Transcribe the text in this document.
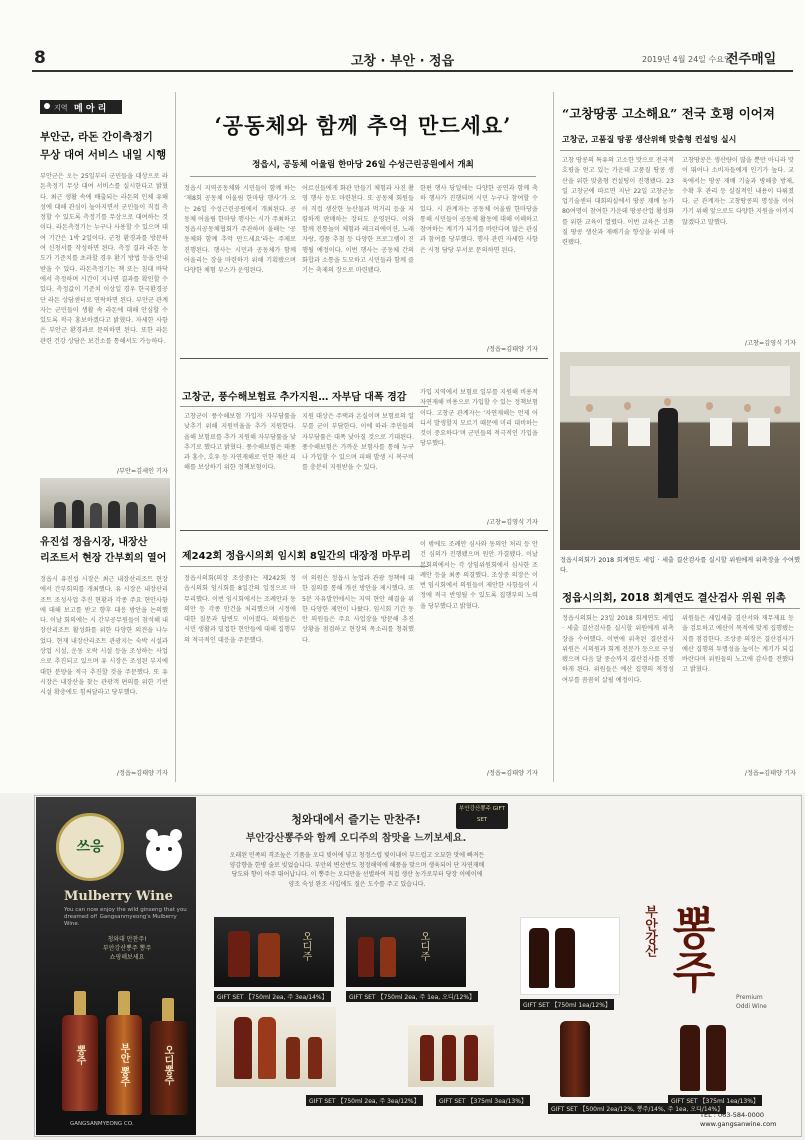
8	고창 · 부안 · 정읍	2019년 4월 24일 수요일
전주매일
지역 메 아 리
부안군, 라돈 간이측정기
무상 대여 서비스 내일 시행
부안군은 오는 25일부터 군민들을 대상으로 라돈측정기 무상 대여 서비스를 실시한다고 밝혔다. 최근 생활 속에 배출되는 라돈의 인체 유해성에 대해 관심이 높아지면서 군민들이 직접 측정할 수 있도록 측정기를 무상으로 대여하는 것이다. 라돈측정기는 누구나 사용할 수 있으며 대여 기간은 1박 2일이다. 군청 환경과를 방문하여 신청서를 작성하면 된다. 측정 결과 라돈 농도가 기준치를 초과할 경우 환기 방법 등을 안내받을 수 있다. 라돈측정기는 책 또는 침대 바닥에서 측정하며 시간이 지나면 결과를 확인할 수 있다. 측정값이 기준치 이상일 경우 한국환경공단 라돈 상담센터로 연락하면 된다. 부안군 관계자는 군민들이 생활 속 라돈에 대해 안심할 수 있도록 적극 홍보하겠다고 밝혔다. 자세한 사항은 부안군 환경과로 문의하면 된다. 또한 라돈 관련 건강 상담은 보건소를 통해서도 가능하다.
/부안=김세인 기자
유진섭 정읍시장, 내장산
리조트서 현장 간부회의 열어
정읍시 유진섭 시장은 최근 내장산리조트 현장에서 간부회의를 개최했다. 유 시장은 내장산리조트 조성사업 추진 현황과 각종 주요 현안사항에 대해 보고를 받고 향후 대응 방안을 논의했다. 이날 회의에는 시 간부공무원들이 참석해 내장산리조트 활성화를 위한 다양한 의견을 나누었다. 현재 내장산리조트 관광지는 숙박 시설과 상업 시설, 운동 오락 시설 등을 조성하는 사업으로 추진되고 있으며 유 시장은 조성된 부지에 대한 분양을 적극 추진할 것을 주문했다. 또 유 시장은 내장산을 찾는 관광객 편의를 위한 기반시설 확충에도 힘써달라고 당부했다.
/정읍=김태양 기자
‘공동체와 함께 추억 만드세요’
정읍시, 공동체 어울림 한마당 26일 수성근린공원에서 개최
정읍시 지역공동체와 시민들이 함께 하는 ‘제8회 공동체 어울림 한마당 행사’가 오는 26일 수성근린공원에서 개최된다. 공동체 어울림 한마당 행사는 시가 주최하고 정읍시공동체협회가 주관하며 올해는 ‘공동체와 함께 추억 만드세요’라는 주제로 진행된다. 행사는 시민과 공동체가 함께 어울리는 장을 마련하기 위해 기획됐으며 다양한 체험 부스가 운영된다.
어르신들에게 화관 만들기 체험과 사진 촬영 행사 등도 마련된다. 또 공동체 회원들이 직접 생산한 농산물과 먹거리 등을 저렴하게 판매하는 장터도 운영된다. 이와 함께 전통놀이 체험과 레크리에이션, 노래자랑, 경품 추첨 등 다양한 프로그램이 진행될 예정이다. 이번 행사는 공동체 간의 화합과 소통을 도모하고 시민들과 함께 즐기는 축제의 장으로 마련됐다.
한편 행사 당일에는 다양한 공연과 함께 축하 행사가 진행되며 시민 누구나 참여할 수 있다. 시 관계자는 공동체 어울림 한마당을 통해 시민들이 공동체 활동에 대해 이해하고 참여하는 계기가 되기를 바란다며 많은 관심과 참여를 당부했다. 행사 관련 자세한 사항은 시청 담당 부서로 문의하면 된다.
/정읍=김태양 기자
고창군, 풍수해보험료 추가지원… 자부담 대폭 경감
고창군이 풍수해보험 가입자 자부담률을 낮추기 위해 지원비율을 추가 지원한다. 올해 보험료를 추가 지원해 자부담률을 낮추기로 했다고 밝혔다. 풍수해보험은 태풍과 홍수, 호우 등 자연재해로 인한 재산 피해를 보상하기 위한 정책보험이다.
지원 대상은 주택과 온실이며 보험료의 일부를 군이 부담한다. 이에 따라 주민들의 자부담률은 대폭 낮아질 것으로 기대된다. 풍수해보험은 가까운 보험사를 통해 누구나 가입할 수 있으며 피해 발생 시 복구비를 충분히 지원받을 수 있다.
가입 지역에서 보험료 일부를 지원해 비용적 자연재해 비용으로 가입할 수 있는 정책보험이다. 고창군 관계자는 ‘자연재해는 언제 어디서 발생할지 모르기 때문에 미리 대비하는 것이 중요하다’며 군민들의 적극적인 가입을 당부했다.
/고창=김영식 기자
제242회 정읍시의회 임시회 8일간의 대장정 마무리
정읍시의회(의장 조상중)는 제242회 정읍시의회 임시회를 8일간의 일정으로 마무리했다. 이번 임시회에서는 조례안과 동의안 등 각종 안건을 처리했으며 시정에 대한 질문과 답변도 이어졌다. 의원들은 시민 생활과 밀접한 현안들에 대해 집행부의 적극적인 대응을 주문했다.
이 의원은 정읍시 농업과 관광 정책에 대한 질의를 통해 개선 방안을 제시했다. 또 5분 자유발언에서는 지역 현안 해결을 위한 다양한 제언이 나왔다. 임시회 기간 동안 의원들은 주요 사업장을 방문해 추진 상황을 점검하고 현장의 목소리를 청취했다.
이 밖에도 조례안 심사와 동의안 처리 등 안건 심의가 진행됐으며 원안 가결됐다. 이날 본회의에서는 각 상임위원회에서 심사한 조례안 등을 최종 의결했다. 조상중 의장은 이번 임시회에서 의원들이 제안한 사항들이 시정에 적극 반영될 수 있도록 집행부의 노력을 당부했다고 밝혔다.
/정읍=김태양 기자
“고창땅콩 고소해요” 전국 호평 이어져
고창군, 고품질 땅콩 생산위해 맞춤형 컨설팅 실시
고창 땅콩의 특유의 고소한 맛으로 전국적 호평을 얻고 있는 가운데 고품질 땅콩 생산을 위한 맞춤형 컨설팅이 진행됐다. 23일 고창군에 따르면 지난 22일 고창군농업기술센터 대회의실에서 땅콩 재배 농가 80여명이 참여한 가운데 땅콩산업 활성화를 위한 교육이 열렸다. 이번 교육은 고품질 땅콩 생산과 재배기술 향상을 위해 마련됐다.
고창땅콩은 생산량이 많을 뿐만 아니라 맛이 뛰어나 소비자들에게 인기가 높다. 교육에서는 땅콩 재배 기술과 병해충 방제, 수확 후 관리 등 실질적인 내용이 다뤄졌다. 군 관계자는 고창땅콩의 명성을 이어가기 위해 앞으로도 다양한 지원을 아끼지 않겠다고 말했다.
/고창=김영식 기자
정읍시의회가 2018 회계연도 세입 · 세출 결산검사를 실시할 위원에게 위촉장을 수여했다.
정읍시의회, 2018 회계연도 결산검사 위원 위촉
정읍시의회는 23일 2018 회계연도 세입 · 세출 결산검사를 실시할 위원에게 위촉장을 수여했다. 이번에 위촉된 결산검사 위원은 시의원과 회계 전문가 등으로 구성됐으며 다음 달 중순까지 결산검사를 진행하게 된다. 위원들은 예산 집행의 적정성 여부를 꼼꼼히 살필 예정이다.
위원들은 세입세출 결산서와 재무제표 등을 검토하고 예산이 목적에 맞게 집행됐는지를 점검한다. 조상중 의장은 결산검사가 예산 집행의 투명성을 높이는 계기가 되길 바란다며 위원들의 노고에 감사를 전했다고 밝혔다.
/정읍=김태양 기자
쓰응
Mulberry Wine
You can now enjoy the wild ginseng that you dreamed of! Gangsanmyeong's Mulberry Wine.
청와대 만찬주!
부안강산뽕주 뽕주
쇼핑해보세요
뽕주	부안 뽕주	오디뽕주
GANGSANMYEONG CO.
청와대에서 즐기는 만찬주!
부안강산뽕주와 함께 오디주의 참맛을 느끼보세요.
오래된 민족의 격조높은 기품을 오디 빚어에 넣고 청정스럽 빛이내어 부드럽고 오묘한 맛에 빠져든 양감향을 한병 술로 빚었습니다. 부안의 변산반도 청정해역에 해풍을 맞으며 생육되어 단 자연재배 당도와 향이 아주 뛰어납니다. 이 뽕주는 오디만을 선별하여 직접 생산 농가로부터 당장 이에이에 양조 숙성 완조 사입에도 질은 도수를 주고 있습니다.
부안강산뽕주 GIFT SET
오디주	오디주
GIFT SET 【750ml 2ea, 주 3ea/14%】	GIFT SET 【750ml 2ea, 주 1ea, 오디/12%】
GIFT SET 【750ml 2ea, 주 3ea/12%】	GIFT SET 【375ml 3ea/13%】
GIFT SET 【750ml 1ea/12%】
GIFT SET 【500ml 2ea/12%, 뽕주/14%, 주 1ea, 오디/14%】
부안강산 뽕주
Premium
Oddi Wine
GIFT SET 【375ml 1ea/13%】
TEL : 063-584-0000
www.gangsanwine.com
